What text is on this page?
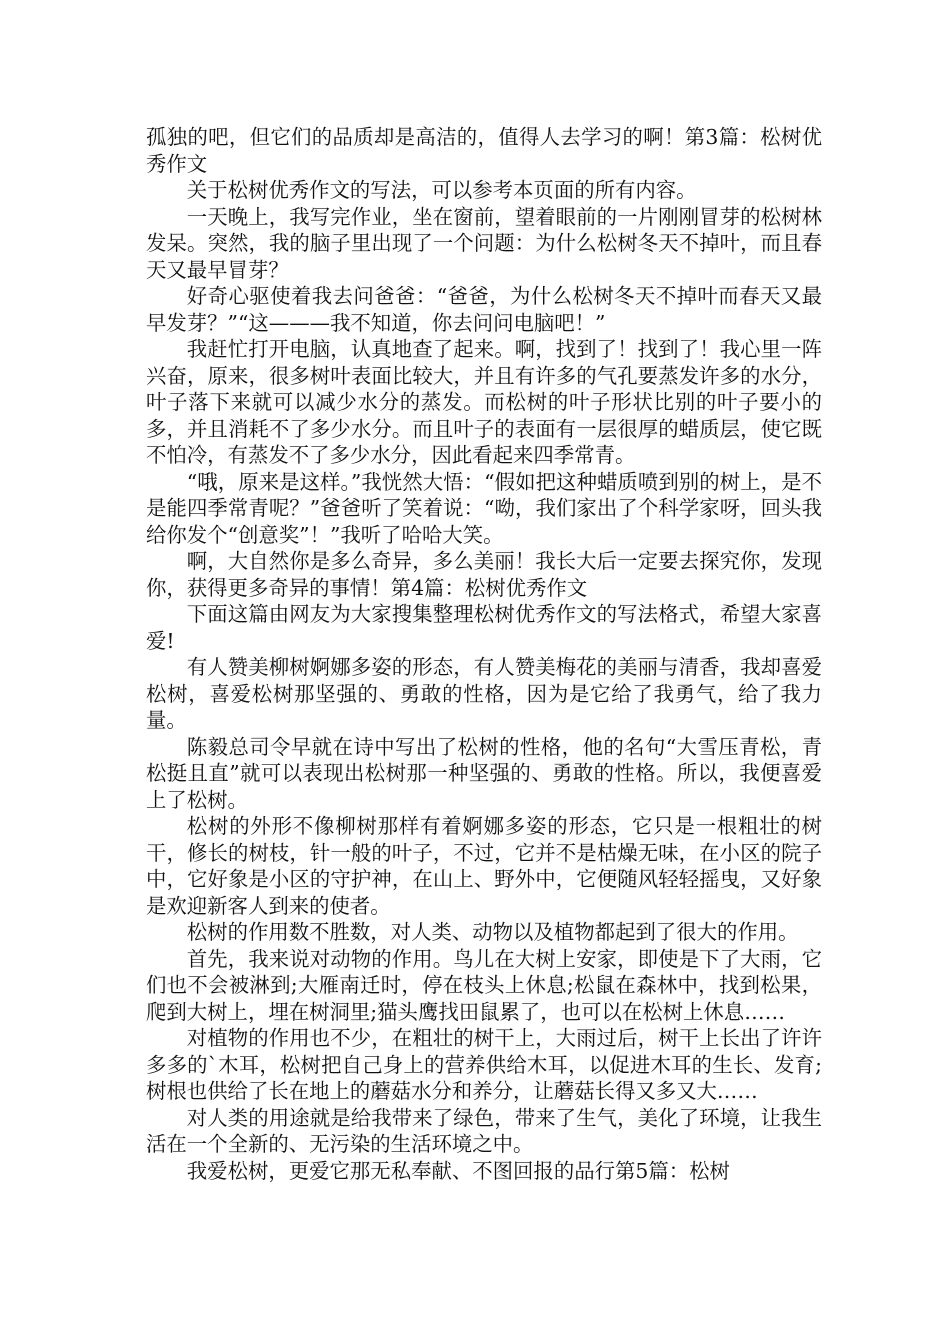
孤独的吧，但它们的品质却是高洁的，值得人去学习的啊！第3篇：松树优秀作文

关于松树优秀作文的写法，可以参考本页面的所有内容。

一天晚上，我写完作业，坐在窗前，望着眼前的一片刚刚冒芽的松树林发呆。突然，我的脑子里出现了一个问题：为什么松树冬天不掉叶，而且春天又最早冒芽？

好奇心驱使着我去问爸爸：“爸爸，为什么松树冬天不掉叶而春天又最早发芽？”“这———我不知道，你去问问电脑吧！”

我赶忙打开电脑，认真地查了起来。啊，找到了！找到了！我心里一阵兴奋，原来，很多树叶表面比较大，并且有许多的气孔要蒸发许多的水分，叶子落下来就可以减少水分的蒸发。而松树的叶子形状比别的叶子要小的多，并且消耗不了多少水分。而且叶子的表面有一层很厚的蜡质层，使它既不怕冷，有蒸发不了多少水分，因此看起来四季常青。

“哦，原来是这样。”我恍然大悟：“假如把这种蜡质喷到别的树上，是不是能四季常青呢？”爸爸听了笑着说：“呦，我们家出了个科学家呀，回头我给你发个“创意奖”！”我听了哈哈大笑。

啊，大自然你是多么奇异，多么美丽！我长大后一定要去探究你，发现你，获得更多奇异的事情！第4篇：松树优秀作文

下面这篇由网友为大家搜集整理松树优秀作文的写法格式，希望大家喜爱!

有人赞美柳树婀娜多姿的形态，有人赞美梅花的美丽与清香，我却喜爱松树，喜爱松树那坚强的、勇敢的性格，因为是它给了我勇气，给了我力量。

陈毅总司令早就在诗中写出了松树的性格，他的名句“大雪压青松，青松挺且直”就可以表现出松树那一种坚强的、勇敢的性格。所以，我便喜爱上了松树。

松树的外形不像柳树那样有着婀娜多姿的形态，它只是一根粗壮的树干，修长的树枝，针一般的叶子，不过，它并不是枯燥无味，在小区的院子中，它好象是小区的守护神，在山上、野外中，它便随风轻轻摇曳，又好象是欢迎新客人到来的使者。

松树的作用数不胜数，对人类、动物以及植物都起到了很大的作用。

首先，我来说对动物的作用。鸟儿在大树上安家，即使是下了大雨，它们也不会被淋到;大雁南迁时，停在枝头上休息;松鼠在森林中，找到松果，爬到大树上，埋在树洞里;猫头鹰找田鼠累了，也可以在松树上休息……

对植物的作用也不少，在粗壮的树干上，大雨过后，树干上长出了许许多多的`木耳，松树把自己身上的营养供给木耳，以促进木耳的生长、发育;树根也供给了长在地上的蘑菇水分和养分，让蘑菇长得又多又大……

对人类的用途就是给我带来了绿色，带来了生气，美化了环境，让我生活在一个全新的、无污染的生活环境之中。

我爱松树，更爱它那无私奉献、不图回报的品行第5篇：松树
